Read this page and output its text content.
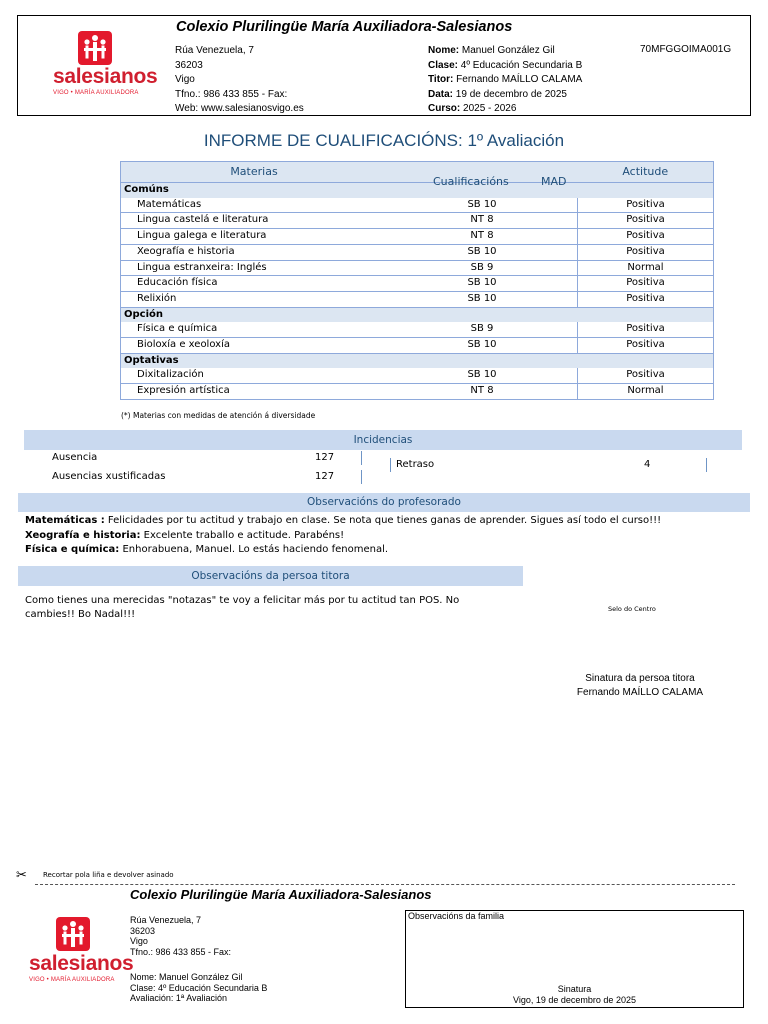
salesianos
VIGO • MARÍA AUXILIADORA
Colexio Plurilingüe María Auxiliadora-Salesianos
Rúa Venezuela, 7
36203
Vigo
Tfno.: 986 433 855 - Fax:
Web: www.salesianosvigo.es
Nome: Manuel González Gil
Clase: 4º Educación Secundaria B
Titor: Fernando MAÍLLO CALAMA
Data: 19 de decembro de 2025
Curso: 2025 - 2026
70MFGGOIMA001G
INFORME DE CUALIFICACIÓNS: 1º Avaliación
Materias	Cualificacións MAD	Actitude
Comúns		
Matemáticas	SB 10	Positiva
Lingua castelá e literatura	NT 8	Positiva
Lingua galega e literatura	NT 8	Positiva
Xeografía e historia	SB 10	Positiva
Lingua estranxeira: Inglés	SB 9	Normal
Educación física	SB 10	Positiva
Relixión	SB 10	Positiva
Opción		
Física e química	SB 9	Positiva
Bioloxía e xeoloxía	SB 10	Positiva
Optativas		
Dixitalización	SB 10	Positiva
Expresión artística	NT 8	Normal
(*) Materias con medidas de atención á diversidade
Incidencias
Ausencia	127
Ausencias xustificadas	127
Retraso	4
Observacións do profesorado
Matemáticas : Felicidades por tu actitud y trabajo en clase. Se nota que tienes ganas de aprender. Sigues así todo el curso!!!
Xeografía e historia: Excelente traballo e actitude. Parabéns!
Física e química: Enhorabuena, Manuel. Lo estás haciendo fenomenal.
Observacións da persoa titora
Como tienes una merecidas "notazas" te voy a felicitar más por tu actitud tan POS. No cambies!! Bo Nadal!!!	Selo do Centro
Sinatura da persoa titora
Fernando MAÍLLO CALAMA
✂ Recortar pola liña e devolver asinado
Colexio Plurilingüe María Auxiliadora-Salesianos
salesianos
VIGO • MARÍA AUXILIADORA
Rúa Venezuela, 7
36203
Vigo
Tfno.: 986 433 855 - Fax:
Nome: Manuel González Gil
Clase: 4º Educación Secundaria B
Avaliación: 1ª Avaliación
Observacións da familia
Sinatura
Vigo, 19 de decembro de 2025
